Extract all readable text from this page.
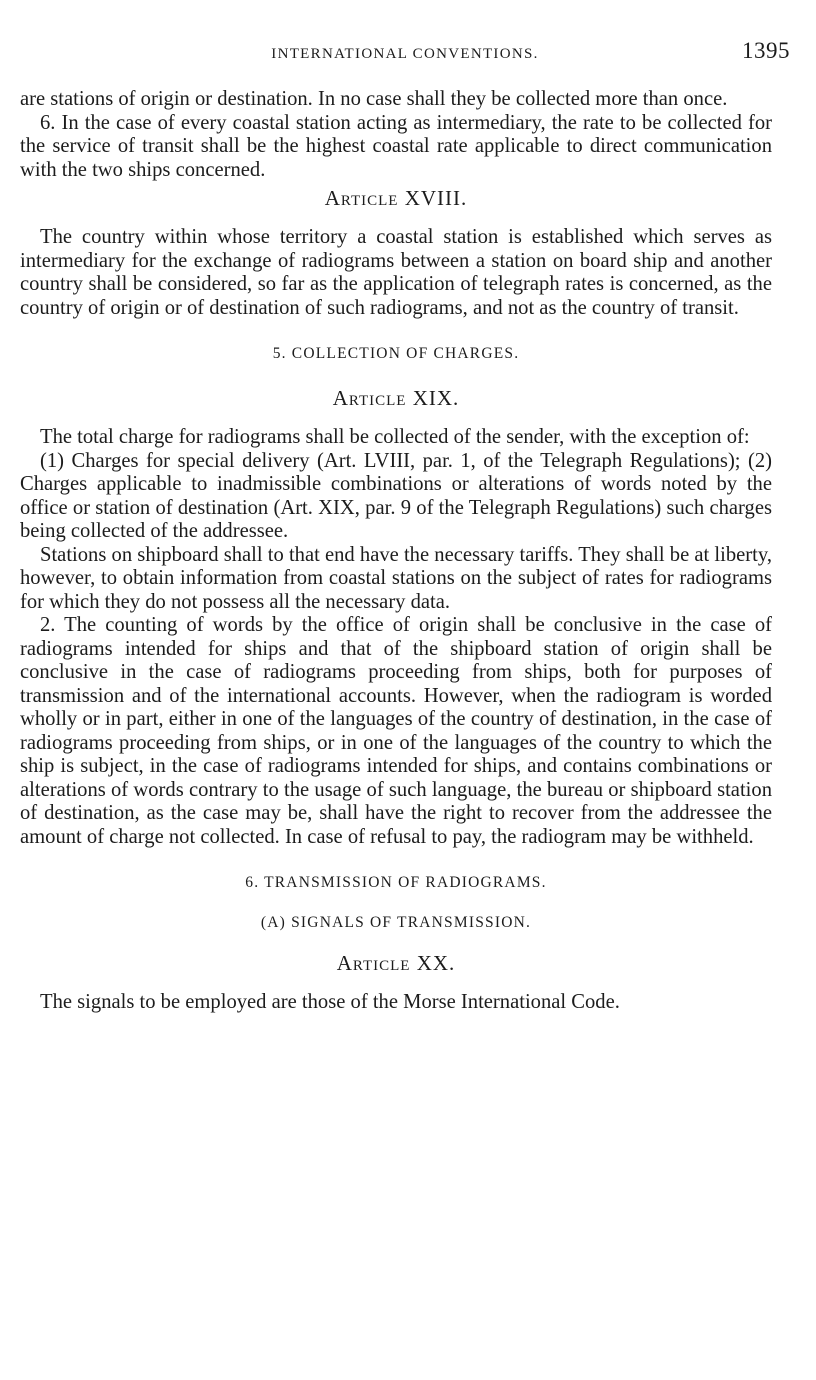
INTERNATIONAL CONVENTIONS.	1395

are stations of origin or destination. In no case shall they be collected more than once.

6. In the case of every coastal station acting as intermediary, the rate to be collected for the service of transit shall be the highest coastal rate applicable to direct communication with the two ships concerned.

Article XVIII.

The country within whose territory a coastal station is established which serves as intermediary for the exchange of radiograms between a station on board ship and another country shall be considered, so far as the application of telegraph rates is concerned, as the country of origin or of destination of such radiograms, and not as the country of transit.

5. COLLECTION OF CHARGES.

Article XIX.

The total charge for radiograms shall be collected of the sender, with the exception of:

(1) Charges for special delivery (Art. LVIII, par. 1, of the Telegraph Regulations); (2) Charges applicable to inadmissible combinations or alterations of words noted by the office or station of destination (Art. XIX, par. 9 of the Telegraph Regulations) such charges being collected of the addressee.

Stations on shipboard shall to that end have the necessary tariffs. They shall be at liberty, however, to obtain information from coastal stations on the subject of rates for radiograms for which they do not possess all the necessary data.

2. The counting of words by the office of origin shall be conclusive in the case of radiograms intended for ships and that of the shipboard station of origin shall be conclusive in the case of radiograms proceeding from ships, both for purposes of transmission and of the international accounts. However, when the radiogram is worded wholly or in part, either in one of the languages of the country of destination, in the case of radiograms proceeding from ships, or in one of the languages of the country to which the ship is subject, in the case of radiograms intended for ships, and contains combinations or alterations of words contrary to the usage of such language, the bureau or shipboard station of destination, as the case may be, shall have the right to recover from the addressee the amount of charge not collected. In case of refusal to pay, the radiogram may be withheld.

6. TRANSMISSION OF RADIOGRAMS.

(A) SIGNALS OF TRANSMISSION.

Article XX.

The signals to be employed are those of the Morse International Code.
